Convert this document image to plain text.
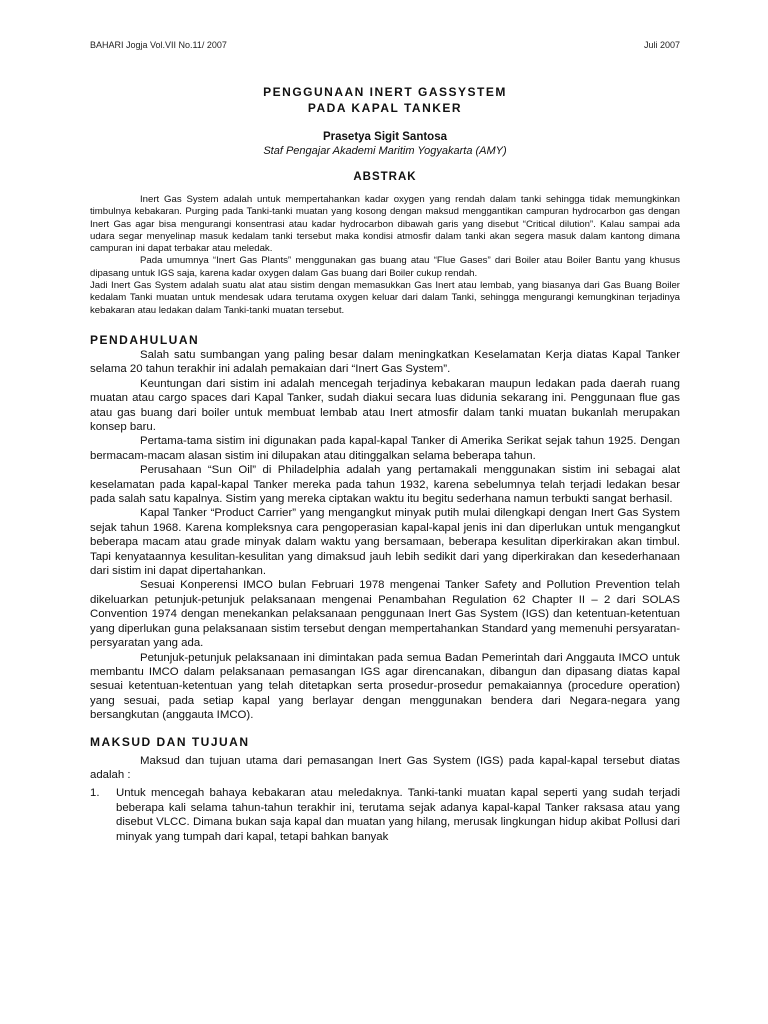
BAHARI Jogja Vol.VII No.11/ 2007	Juli 2007
PENGGUNAAN INERT GASSYSTEM
PADA KAPAL TANKER
Prasetya Sigit Santosa
Staf Pengajar Akademi Maritim Yogyakarta (AMY)
ABSTRAK

Inert Gas System adalah untuk mempertahankan kadar oxygen yang rendah dalam tanki sehingga tidak memungkinkan timbulnya kebakaran. Purging pada Tanki-tanki muatan yang kosong dengan maksud menggantikan campuran hydrocarbon gas dengan Inert Gas agar bisa mengurangi konsentrasi atau kadar hydrocarbon dibawah garis yang disebut “Critical dilution”. Kalau sampai ada udara segar menyelinap masuk kedalam tanki tersebut maka kondisi atmosfir dalam tanki akan segera masuk dalam kantong dimana campuran ini dapat terbakar atau meledak.

Pada umumnya “Inert Gas Plants” menggunakan gas buang atau “Flue Gases” dari Boiler atau Boiler Bantu yang khusus dipasang untuk IGS saja, karena kadar oxygen dalam Gas buang dari Boiler cukup rendah.

Jadi Inert Gas System adalah suatu alat atau sistim dengan memasukkan Gas Inert atau lembab, yang biasanya dari Gas Buang Boiler kedalam Tanki muatan untuk mendesak udara terutama oxygen keluar dari dalam Tanki, sehingga mengurangi kemungkinan terjadinya kebakaran atau ledakan dalam Tanki-tanki muatan tersebut.

PENDAHULUAN

Salah satu sumbangan yang paling besar dalam meningkatkan Keselamatan Kerja diatas Kapal Tanker selama 20 tahun terakhir ini adalah pemakaian dari “Inert Gas System”.

Keuntungan dari sistim ini adalah mencegah terjadinya kebakaran maupun ledakan pada daerah ruang muatan atau cargo spaces dari Kapal Tanker, sudah diakui secara luas didunia sekarang ini. Penggunaan flue gas atau gas buang dari boiler untuk membuat lembab atau Inert atmosfir dalam tanki muatan bukanlah merupakan konsep baru.

Pertama-tama sistim ini digunakan pada kapal-kapal Tanker di Amerika Serikat sejak tahun 1925. Dengan bermacam-macam alasan sistim ini dilupakan atau ditinggalkan selama beberapa tahun.

Perusahaan “Sun Oil” di Philadelphia adalah yang pertamakali menggunakan sistim ini sebagai alat keselamatan pada kapal-kapal Tanker mereka pada tahun 1932, karena sebelumnya telah terjadi ledakan besar pada salah satu kapalnya. Sistim yang mereka ciptakan waktu itu begitu sederhana namun terbukti sangat berhasil.

Kapal Tanker “Product Carrier” yang mengangkut minyak putih mulai dilengkapi dengan Inert Gas System sejak tahun 1968. Karena kompleksnya cara pengoperasian kapal-kapal jenis ini dan diperlukan untuk mengangkut beberapa macam atau grade minyak dalam waktu yang bersamaan, beberapa kesulitan diperkirakan akan timbul. Tapi kenyataannya kesulitan-kesulitan yang dimaksud jauh lebih sedikit dari yang diperkirakan dan kesederhanaan dari sistim ini dapat dipertahankan.

Sesuai Konperensi IMCO bulan Februari 1978 mengenai Tanker Safety and Pollution Prevention telah dikeluarkan petunjuk-petunjuk pelaksanaan mengenai Penambahan Regulation 62 Chapter II – 2 dari SOLAS Convention 1974 dengan menekankan pelaksanaan penggunaan Inert Gas System (IGS) dan ketentuan-ketentuan yang diperlukan guna pelaksanaan sistim tersebut dengan mempertahankan Standard yang memenuhi persyaratan-persyaratan yang ada.

Petunjuk-petunjuk pelaksanaan ini dimintakan pada semua Badan Pemerintah dari Anggauta IMCO untuk membantu IMCO dalam pelaksanaan pemasangan IGS agar direncanakan, dibangun dan dipasang diatas kapal sesuai ketentuan-ketentuan yang telah ditetapkan serta prosedur-prosedur pemakaiannya (procedure operation) yang sesuai, pada setiap kapal yang berlayar dengan menggunakan bendera dari Negara-negara yang bersangkutan (anggauta IMCO).

MAKSUD DAN TUJUAN

Maksud dan tujuan utama dari pemasangan Inert Gas System (IGS) pada kapal-kapal tersebut diatas adalah :

1.	Untuk mencegah bahaya kebakaran atau meledaknya. Tanki-tanki muatan kapal seperti yang sudah terjadi beberapa kali selama tahun-tahun terakhir ini, terutama sejak adanya kapal-kapal Tanker raksasa atau yang disebut VLCC. Dimana bukan saja kapal dan muatan yang hilang, merusak lingkungan hidup akibat Pollusi dari minyak yang tumpah dari kapal, tetapi bahkan banyak
